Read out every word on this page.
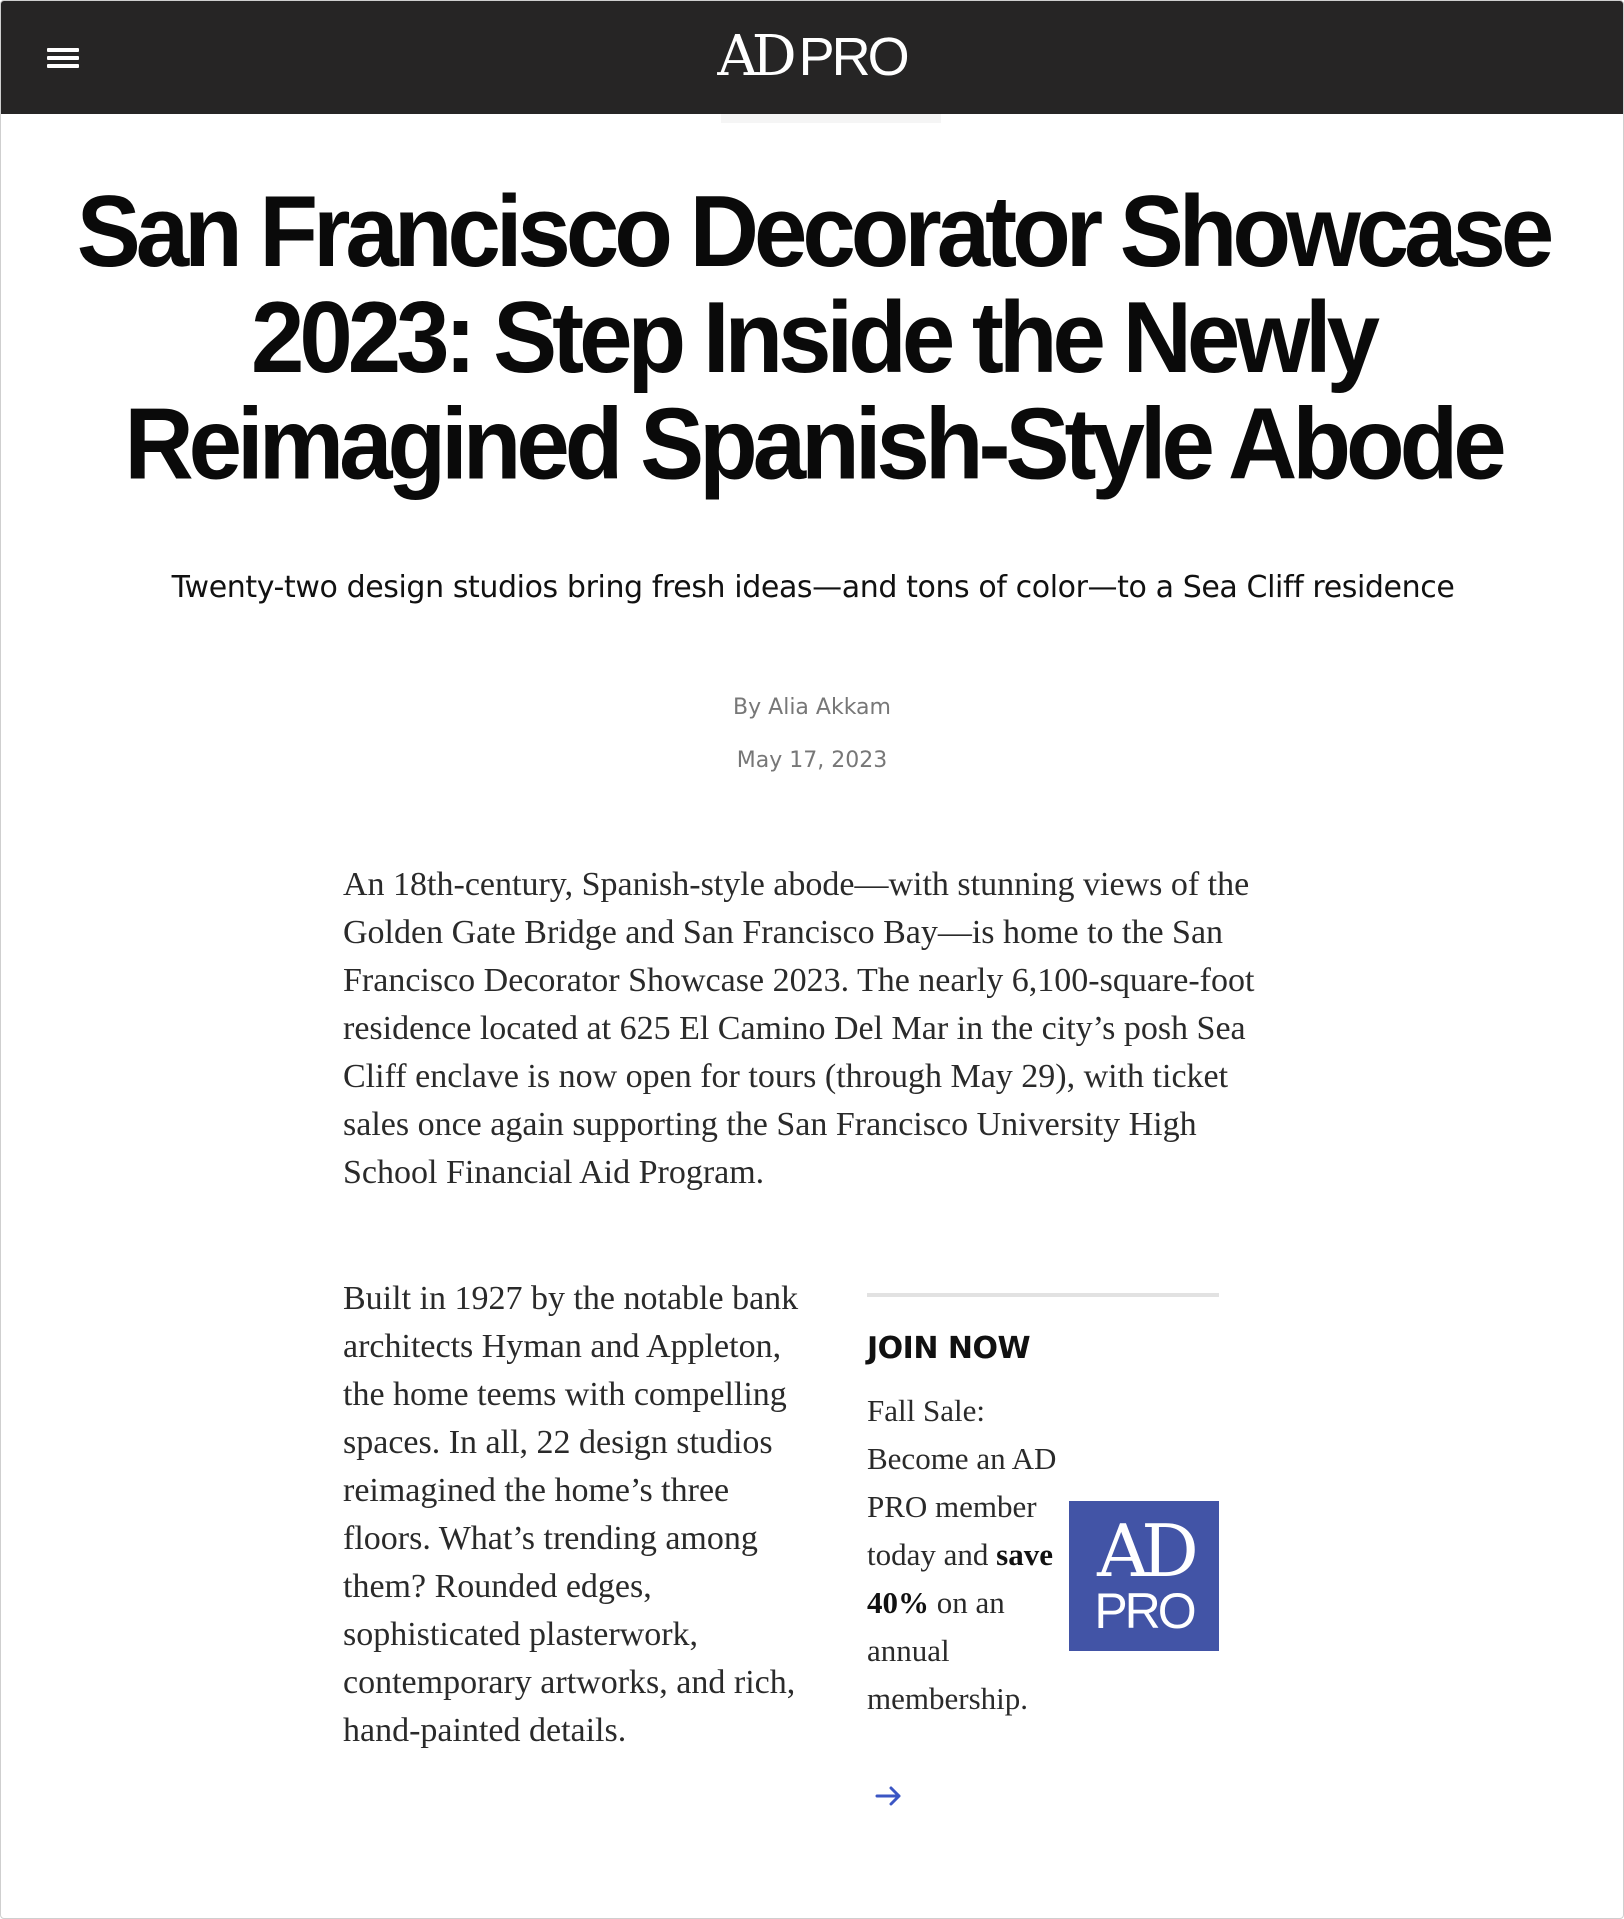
AD PRO
San Francisco Decorator Showcase 2023: Step Inside the Newly Reimagined Spanish-Style Abode
Twenty-two design studios bring fresh ideas—and tons of color—to a Sea Cliff residence
By Alia Akkam
May 17, 2023

An 18th-century, Spanish-style abode—with stunning views of the Golden Gate Bridge and San Francisco Bay—is home to the San Francisco Decorator Showcase 2023. The nearly 6,100-square-foot residence located at 625 El Camino Del Mar in the city’s posh Sea Cliff enclave is now open for tours (through May 29), with ticket sales once again supporting the San Francisco University High School Financial Aid Program.

Built in 1927 by the notable bank architects Hyman and Appleton, the home teems with compelling spaces. In all, 22 design studios reimagined the home’s three floors. What’s trending among them? Rounded edges, sophisticated plasterwork, contemporary artworks, and rich, hand-painted details.

JOIN NOW
Fall Sale: Become an AD PRO member today and save 40% on an annual membership.
AD
PRO
